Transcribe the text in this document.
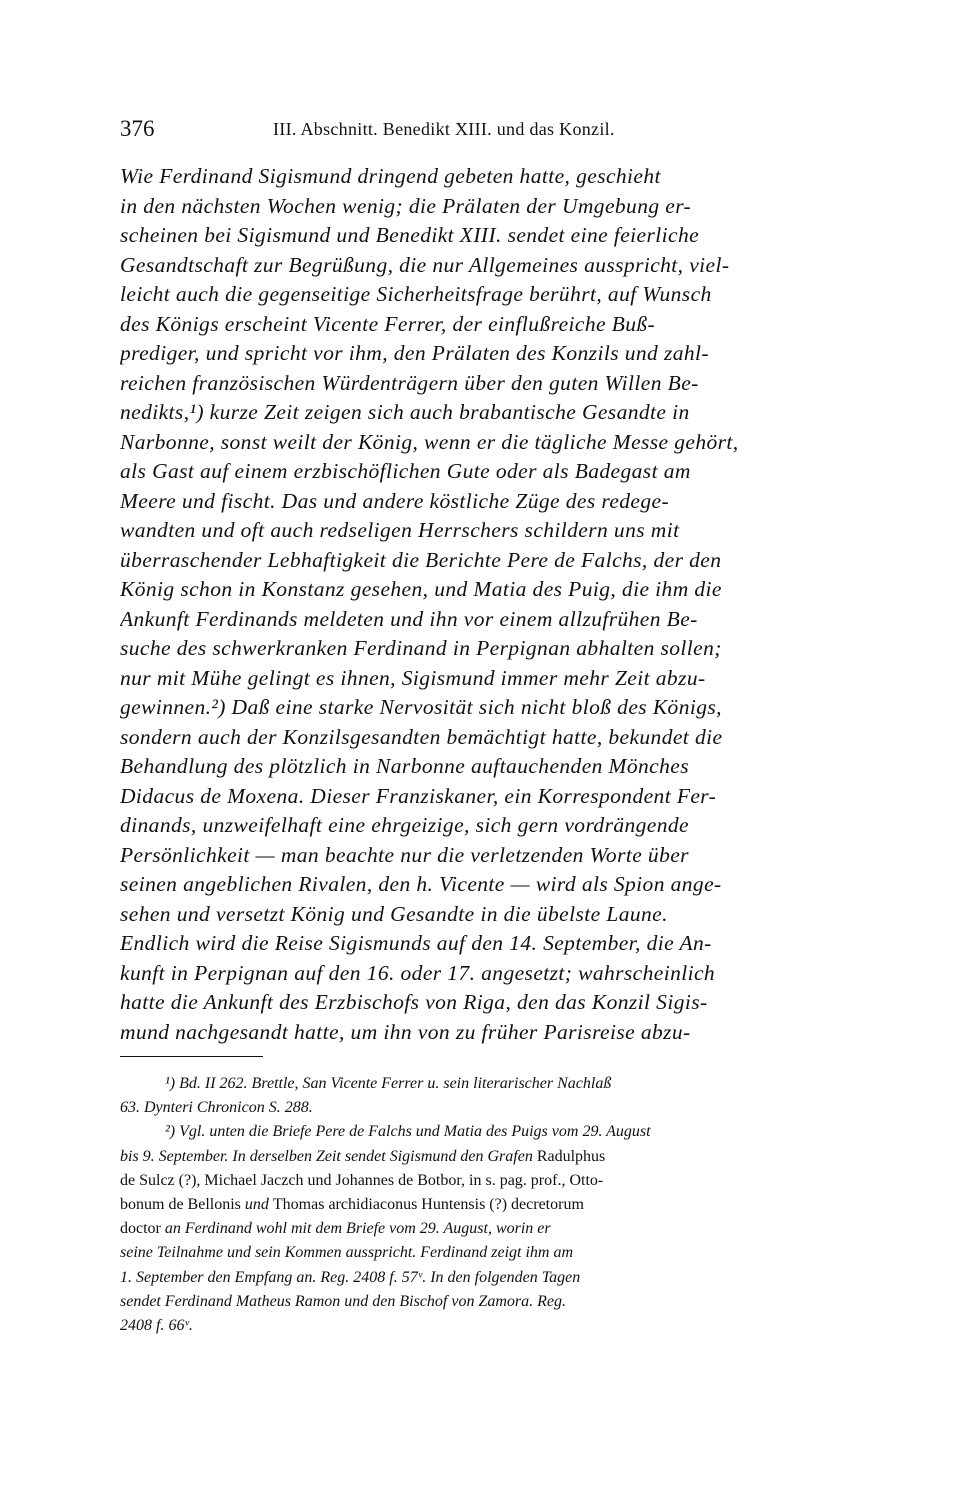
376	III. Abschnitt. Benedikt XIII. und das Konzil.
Wie Ferdinand Sigismund dringend gebeten hatte, geschieht
in den nächsten Wochen wenig; die Prälaten der Umgebung er-
scheinen bei Sigismund und Benedikt XIII. sendet eine feierliche
Gesandtschaft zur Begrüßung, die nur Allgemeines ausspricht, viel-
leicht auch die gegenseitige Sicherheitsfrage berührt, auf Wunsch
des Königs erscheint Vicente Ferrer, der einflußreiche Buß-
prediger, und spricht vor ihm, den Prälaten des Konzils und zahl-
reichen französischen Würdenträgern über den guten Willen Be-
nedikts,¹) kurze Zeit zeigen sich auch brabantische Gesandte in
Narbonne, sonst weilt der König, wenn er die tägliche Messe gehört,
als Gast auf einem erzbischöflichen Gute oder als Badegast am
Meere und fischt. Das und andere köstliche Züge des redege-
wandten und oft auch redseligen Herrschers schildern uns mit
überraschender Lebhaftigkeit die Berichte Pere de Falchs, der den
König schon in Konstanz gesehen, und Matia des Puig, die ihm die
Ankunft Ferdinands meldeten und ihn vor einem allzufrühen Be-
suche des schwerkranken Ferdinand in Perpignan abhalten sollen;
nur mit Mühe gelingt es ihnen, Sigismund immer mehr Zeit abzu-
gewinnen.²) Daß eine starke Nervosität sich nicht bloß des Königs,
sondern auch der Konzilsgesandten bemächtigt hatte, bekundet die
Behandlung des plötzlich in Narbonne auftauchenden Mönches
Didacus de Moxena. Dieser Franziskaner, ein Korrespondent Fer-
dinands, unzweifelhaft eine ehrgeizige, sich gern vordrängende
Persönlichkeit — man beachte nur die verletzenden Worte über
seinen angeblichen Rivalen, den h. Vicente — wird als Spion ange-
sehen und versetzt König und Gesandte in die übelste Laune.
Endlich wird die Reise Sigismunds auf den 14. September, die An-
kunft in Perpignan auf den 16. oder 17. angesetzt; wahrscheinlich
hatte die Ankunft des Erzbischofs von Riga, den das Konzil Sigis-
mund nachgesandt hatte, um ihn von zu früher Parisreise abzu-
¹) Bd. II 262. Brettle, San Vicente Ferrer u. sein literarischer Nachlaß
63. Dynteri Chronicon S. 288.
²) Vgl. unten die Briefe Pere de Falchs und Matia des Puigs vom 29. August
bis 9. September. In derselben Zeit sendet Sigismund den Grafen Radulphus
de Sulcz (?), Michael Jaczch und Johannes de Botbor, in s. pag. prof., Otto-
bonum de Bellonis und Thomas archidiaconus Huntensis (?) decretorum
doctor an Ferdinand wohl mit dem Briefe vom 29. August, worin er
seine Teilnahme und sein Kommen ausspricht. Ferdinand zeigt ihm am
1. September den Empfang an. Reg. 2408 f. 57ᵛ. In den folgenden Tagen
sendet Ferdinand Matheus Ramon und den Bischof von Zamora. Reg.
2408 f. 66ᵛ.
